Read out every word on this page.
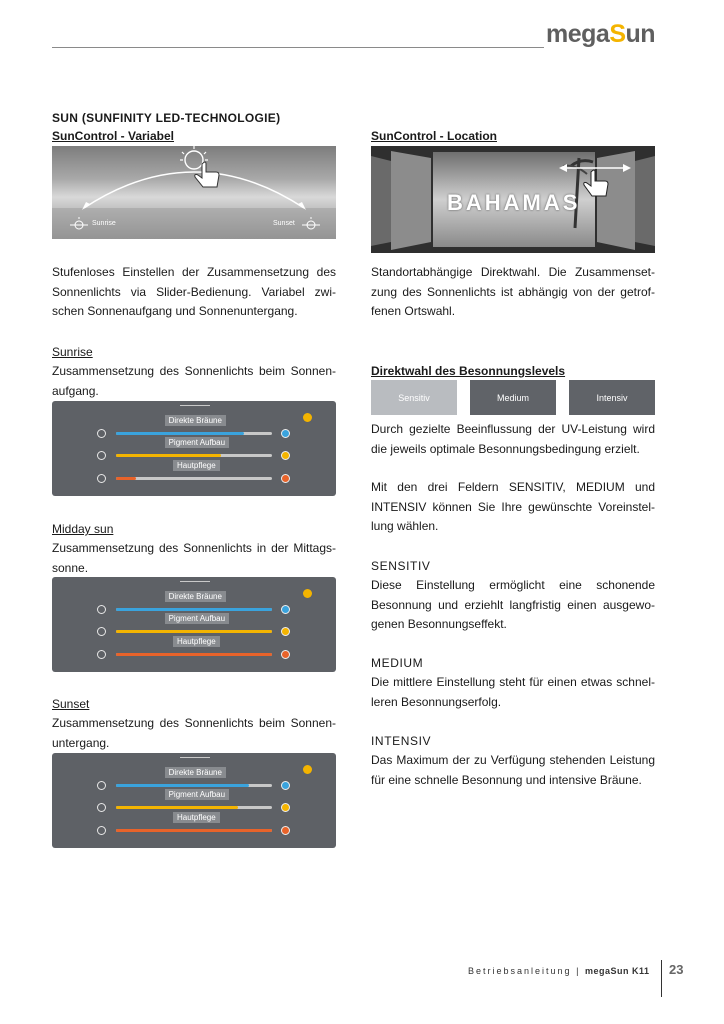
megaSun
SUN (SUNFINITY LED-TECHNOLOGIE)
SunControl - Variabel
Sunrise	Sunset
Stufenloses Einstellen der Zusammensetzung des Sonnenlichts via Slider-Bedienung. Variabel zwi-schen Sonnenaufgang und Sonnenuntergang.
Sunrise
Zusammensetzung des Sonnenlichts beim Sonnen-aufgang.
Direkte Bräune
Pigment Aufbau
Hautpflege
Midday sun
Zusammensetzung des Sonnenlichts in der Mittags-sonne.
Direkte Bräune
Pigment Aufbau
Hautpflege
Sunset
Zusammensetzung des Sonnenlichts beim Sonnen-untergang.
Direkte Bräune
Pigment Aufbau
Hautpflege
SunControl - Location
BAHAMAS
Standortabhängige Direktwahl. Die Zusammenset-zung des Sonnenlichts ist abhängig von der getrof-fenen Ortswahl.
Direktwahl des Besonnungslevels
Sensitiv	Medium	Intensiv
Durch gezielte Beeinflussung der UV-Leistung wird die jeweils optimale Besonnungsbedingung erzielt.
Mit den drei Feldern SENSITIV, MEDIUM und INTENSIV können Sie Ihre gewünschte Voreinstel-lung wählen.
SENSITIV
Diese Einstellung ermöglicht eine schonende Besonnung und erziehlt langfristig einen ausgewo-genen Besonnungseffekt.
MEDIUM
Die mittlere Einstellung steht für einen etwas schnel-leren Besonnungserfolg.
INTENSIV
Das Maximum der zu Verfügung stehenden Leistung für eine schnelle Besonnung und intensive Bräune.
Betriebsanleitung | megaSun K11 23
